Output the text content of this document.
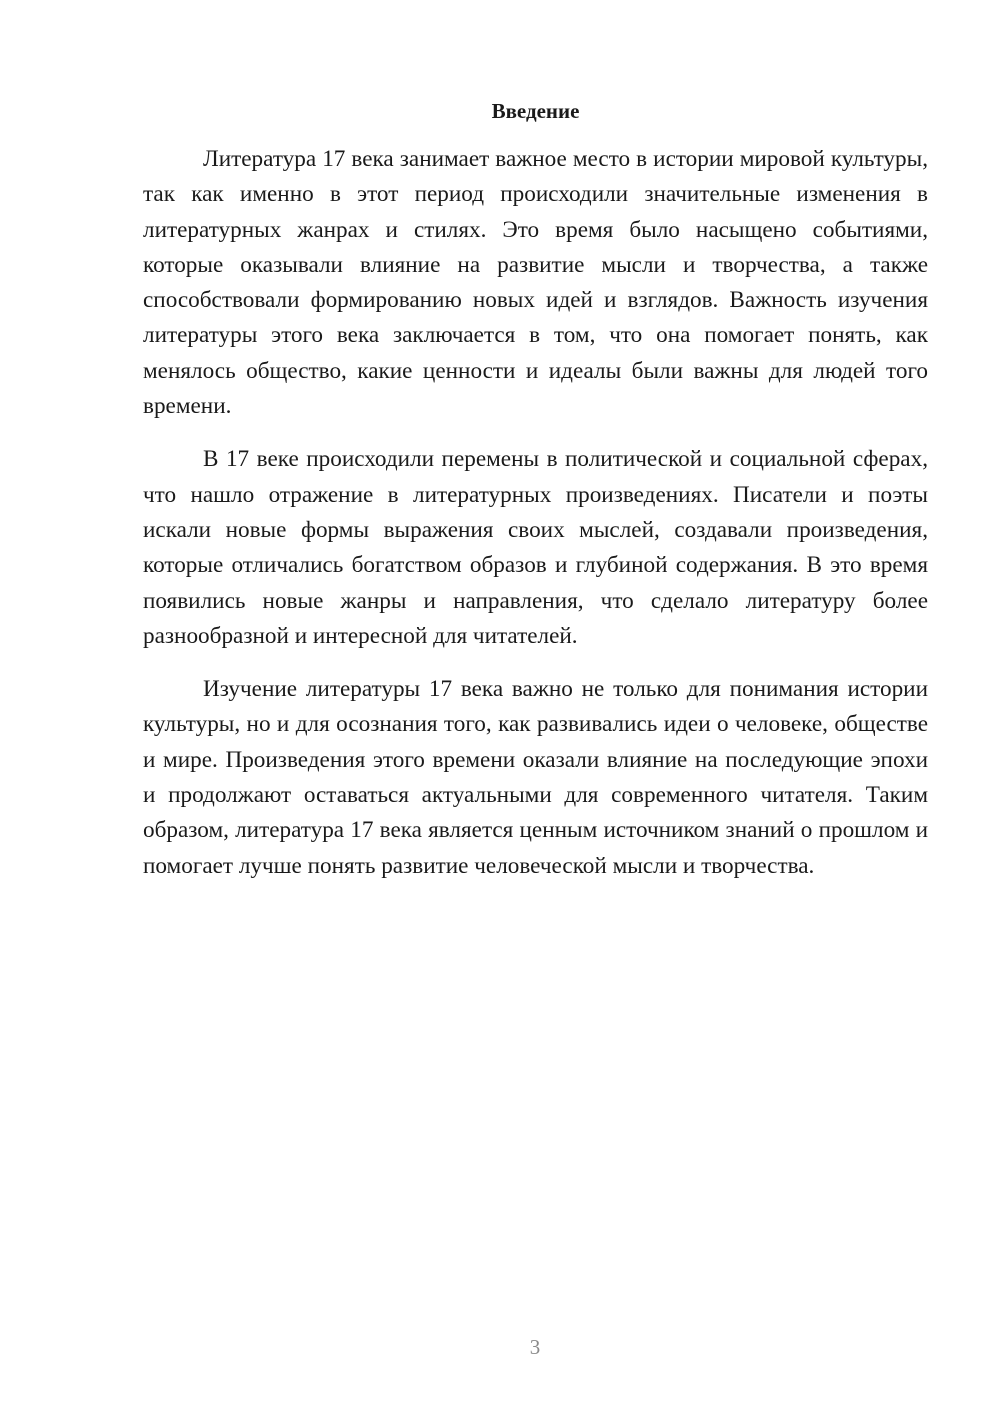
Введение

Литература 17 века занимает важное место в истории мировой культуры, так как именно в этот период происходили значительные изменения в литературных жанрах и стилях. Это время было насыщено событиями, которые оказывали влияние на развитие мысли и творчества, а также способствовали формированию новых идей и взглядов. Важность изучения литературы этого века заключается в том, что она помогает понять, как менялось общество, какие ценности и идеалы были важны для людей того времени.

В 17 веке происходили перемены в политической и социальной сферах, что нашло отражение в литературных произведениях. Писатели и поэты искали новые формы выражения своих мыслей, создавали произведения, которые отличались богатством образов и глубиной содержания. В это время появились новые жанры и направления, что сделало литературу более разнообразной и интересной для читателей.

Изучение литературы 17 века важно не только для понимания истории культуры, но и для осознания того, как развивались идеи о человеке, обществе и мире. Произведения этого времени оказали влияние на последующие эпохи и продолжают оставаться актуальными для современного читателя. Таким образом, литература 17 века является ценным источником знаний о прошлом и помогает лучше понять развитие человеческой мысли и творчества.

3
